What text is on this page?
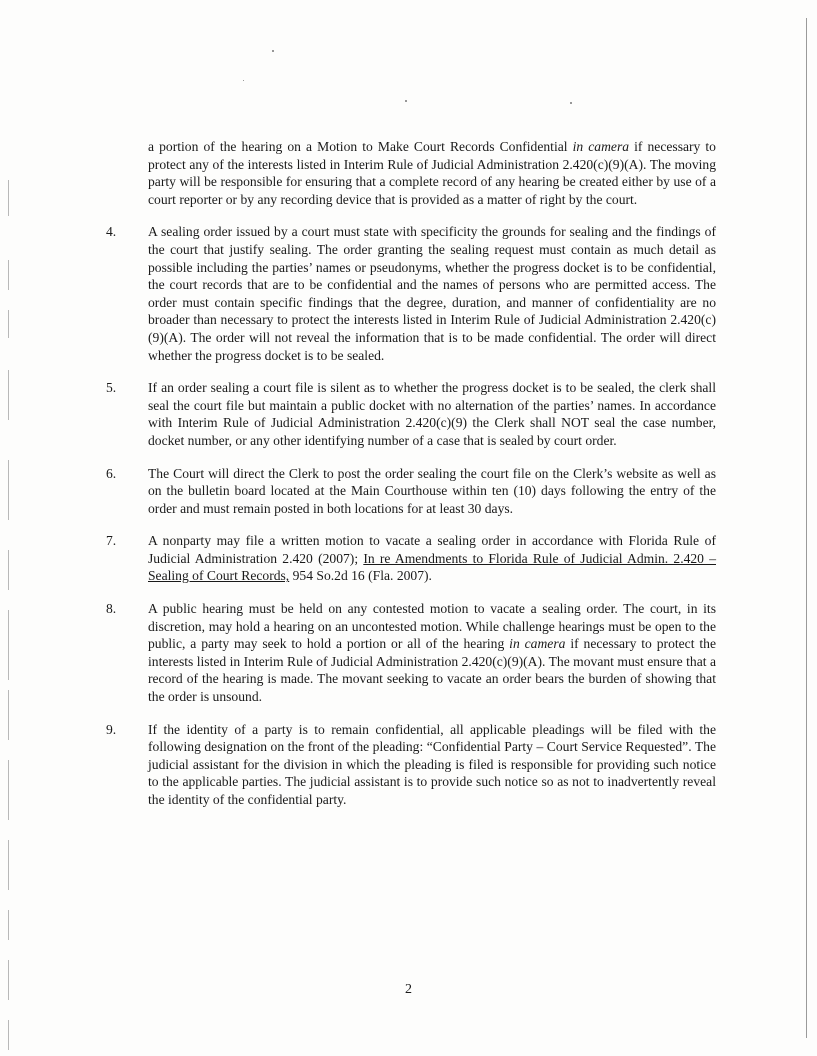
a portion of the hearing on a Motion to Make Court Records Confidential in camera if necessary to protect any of the interests listed in Interim Rule of Judicial Administration 2.420(c)(9)(A). The moving party will be responsible for ensuring that a complete record of any hearing be created either by use of a court reporter or by any recording device that is provided as a matter of right by the court.

4.	A sealing order issued by a court must state with specificity the grounds for sealing and the findings of the court that justify sealing. The order granting the sealing request must contain as much detail as possible including the parties’ names or pseudonyms, whether the progress docket is to be confidential, the court records that are to be confidential and the names of persons who are permitted access. The order must contain specific findings that the degree, duration, and manner of confidentiality are no broader than necessary to protect the interests listed in Interim Rule of Judicial Administration 2.420(c)(9)(A). The order will not reveal the information that is to be made confidential. The order will direct whether the progress docket is to be sealed.

5.	If an order sealing a court file is silent as to whether the progress docket is to be sealed, the clerk shall seal the court file but maintain a public docket with no alternation of the parties’ names. In accordance with Interim Rule of Judicial Administration 2.420(c)(9) the Clerk shall NOT seal the case number, docket number, or any other identifying number of a case that is sealed by court order.

6.	The Court will direct the Clerk to post the order sealing the court file on the Clerk’s website as well as on the bulletin board located at the Main Courthouse within ten (10) days following the entry of the order and must remain posted in both locations for at least 30 days.

7.	A nonparty may file a written motion to vacate a sealing order in accordance with Florida Rule of Judicial Administration 2.420 (2007); In re Amendments to Florida Rule of Judicial Admin. 2.420 – Sealing of Court Records, 954 So.2d 16 (Fla. 2007).

8.	A public hearing must be held on any contested motion to vacate a sealing order. The court, in its discretion, may hold a hearing on an uncontested motion. While challenge hearings must be open to the public, a party may seek to hold a portion or all of the hearing in camera if necessary to protect the interests listed in Interim Rule of Judicial Administration 2.420(c)(9)(A). The movant must ensure that a record of the hearing is made. The movant seeking to vacate an order bears the burden of showing that the order is unsound.

9.	If the identity of a party is to remain confidential, all applicable pleadings will be filed with the following designation on the front of the pleading: “Confidential Party – Court Service Requested”. The judicial assistant for the division in which the pleading is filed is responsible for providing such notice to the applicable parties. The judicial assistant is to provide such notice so as not to inadvertently reveal the identity of the confidential party.

2
